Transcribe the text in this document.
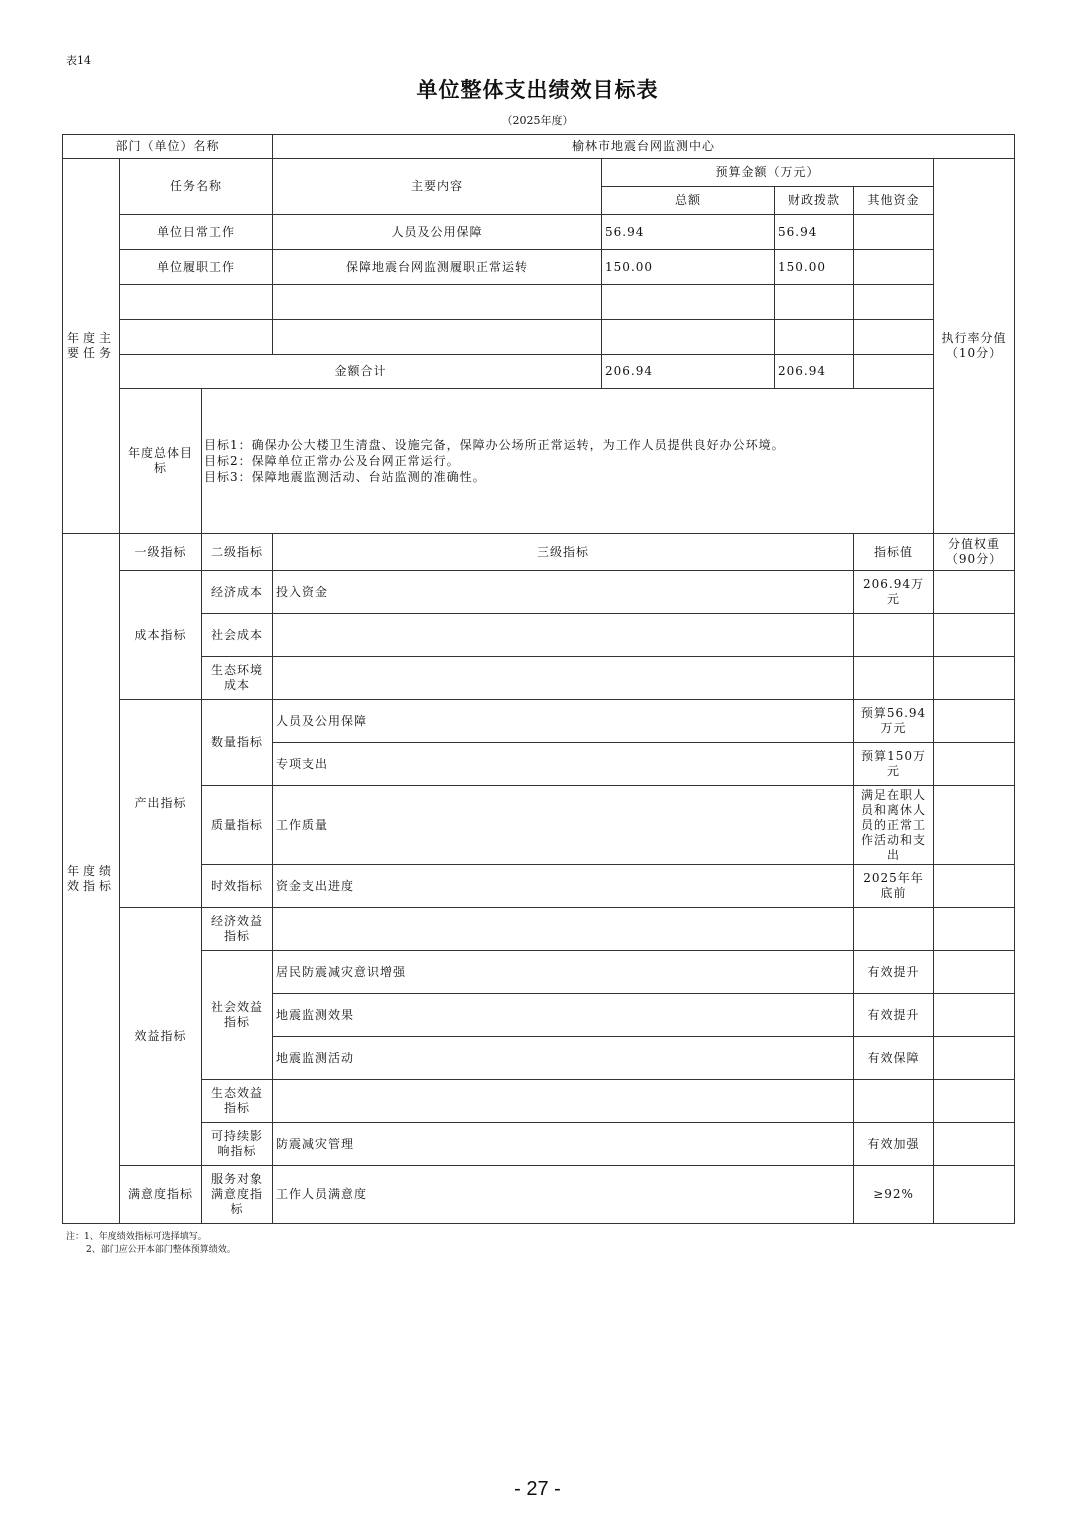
表14
单位整体支出绩效目标表
（2025年度）
部门（单位）名称			榆林市地震台网监测中心				
年度主要任务	任务名称		主要内容	预算金额（万元）			执行率分值（10分）
				总额	财政拨款	其他资金	
	单位日常工作		人员及公用保障	56.94	56.94		
	单位履职工作		保障地震台网监测履职正常运转	150.00	150.00		

	金额合计			206.94	206.94		
	年度总体目标	目标1：确保办公大楼卫生清盘、设施完备，保障办公场所正常运转，为工作人员提供良好办公环境。
目标2：保障单位正常办公及台网正常运行。
目标3：保障地震监测活动、台站监测的准确性。					

年度绩效指标	一级指标	二级指标	三级指标			指标值	分值权重（90分）
	成本指标	经济成本	投入资金			206.94万元	
		社会成本					
		生态环境成本					
	产出指标	数量指标	人员及公用保障			预算56.94万元	
			专项支出			预算150万元	
		质量指标	工作质量			满足在职人员和离休人员的正常工作活动和支出	
		时效指标	资金支出进度			2025年年底前	
	效益指标	经济效益指标					
		社会效益指标	居民防震减灾意识增强			有效提升	
			地震监测效果			有效提升	
			地震监测活动			有效保障	
		生态效益指标					
		可持续影响指标	防震减灾管理			有效加强	
	满意度指标	服务对象满意度指标	工作人员满意度			≥92%	
注：1、年度绩效指标可选择填写。
2、部门应公开本部门整体预算绩效。
- 27 -
